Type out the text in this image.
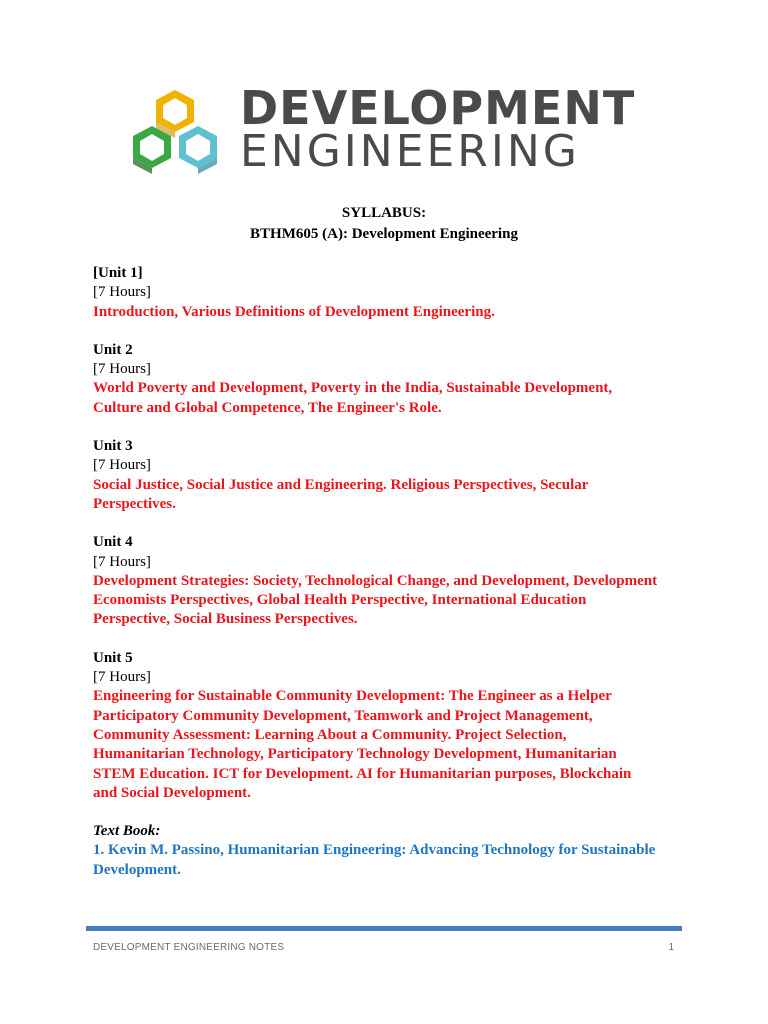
DEVELOPMENT
ENGINEERING
SYLLABUS:
BTHM605 (A): Development Engineering
[Unit 1]
[7 Hours]
Introduction, Various Definitions of Development Engineering.
Unit 2
[7 Hours]
World Poverty and Development, Poverty in the India, Sustainable Development,
Culture and Global Competence, The Engineer's Role.
Unit 3
[7 Hours]
Social Justice, Social Justice and Engineering. Religious Perspectives, Secular
Perspectives.
Unit 4
[7 Hours]
Development Strategies: Society, Technological Change, and Development, Development
Economists Perspectives, Global Health Perspective, International Education
Perspective, Social Business Perspectives.
Unit 5
[7 Hours]
Engineering for Sustainable Community Development: The Engineer as a Helper
Participatory Community Development, Teamwork and Project Management,
Community Assessment: Learning About a Community. Project Selection,
Humanitarian Technology, Participatory Technology Development, Humanitarian
STEM Education. ICT for Development. AI for Humanitarian purposes, Blockchain
and Social Development.
Text Book:
1. Kevin M. Passino, Humanitarian Engineering: Advancing Technology for Sustainable
Development.
DEVELOPMENT ENGINEERING NOTES	1
